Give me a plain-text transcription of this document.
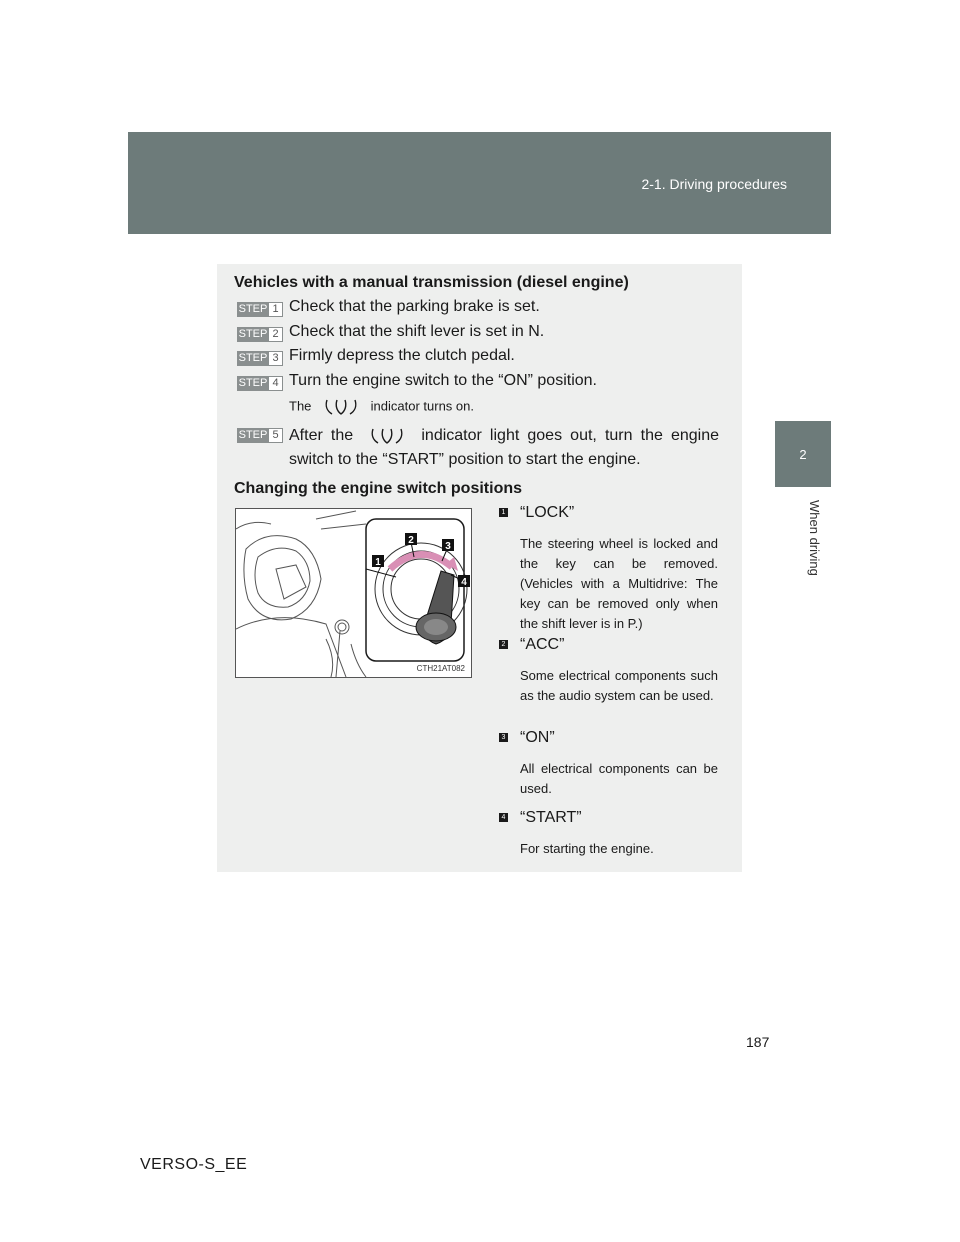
2-1. Driving procedures
2
When driving
Vehicles with a manual transmission (diesel engine)
STEP 1 Check that the parking brake is set.
STEP 2 Check that the shift lever is set in N.
STEP 3 Firmly depress the clutch pedal.
STEP 4 Turn the engine switch to the “ON” position.
The	indicator turns on.
STEP 5 After the	indicator light goes out, turn the engine switch to the “START” position to start the engine.
Changing the engine switch positions
1
2
3
4
CTH21AT082
1 “LOCK”
The steering wheel is locked and the key can be removed. (Vehicles with a Multidrive: The key can be removed only when the shift lever is in P.)
2 “ACC”
Some electrical components such as the audio system can be used.
3 “ON”
All electrical components can be used.
4 “START”
For starting the engine.
187
VERSO-S_EE
